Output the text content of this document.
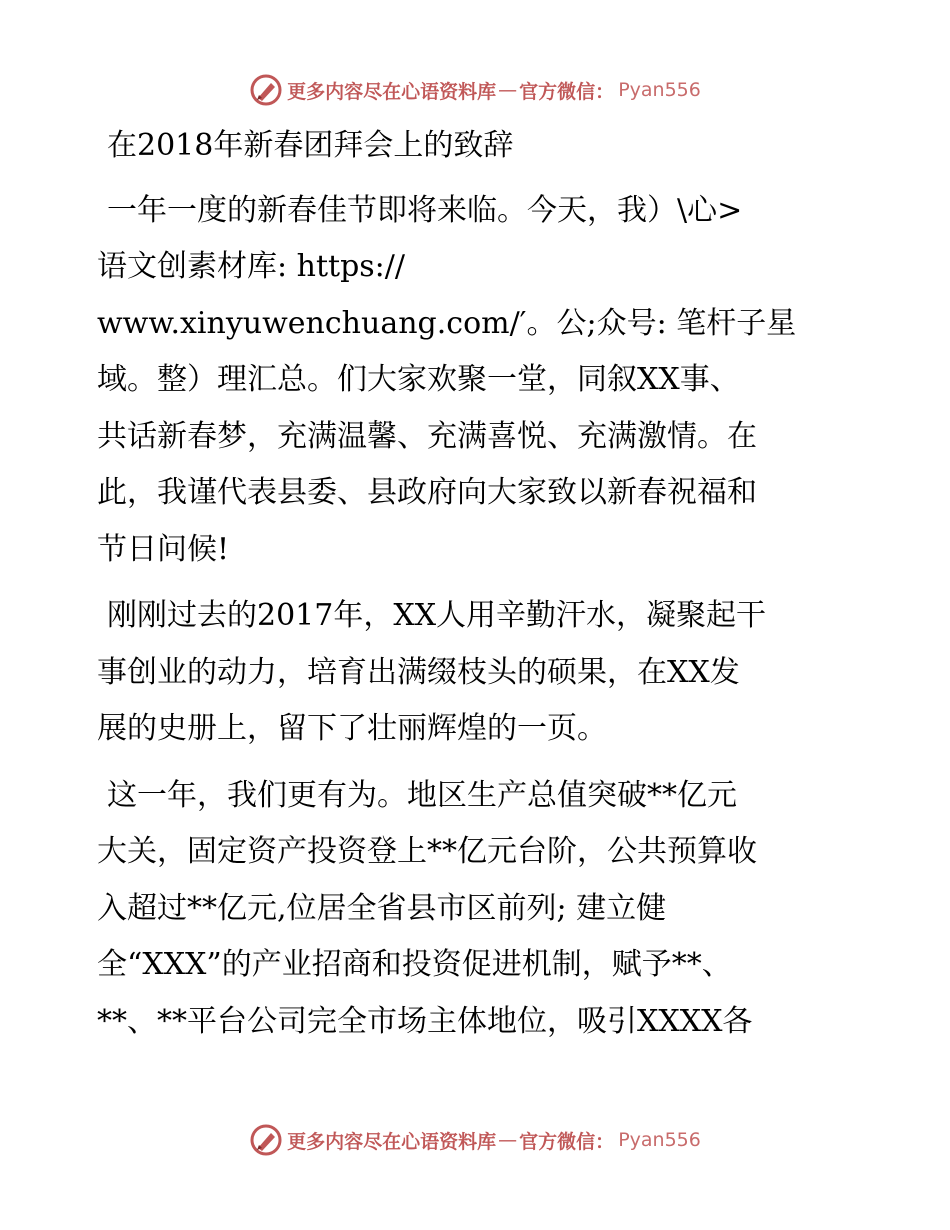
更多内容尽在心语资料库 — 官方微信： Pyan556
在2018年新春团拜会上的致辞
一年一度的新春佳节即将来临。今天，我）\心>
语文创素材库: https://
www.xinyuwenchuang.com/′。公;众号: 笔杆子星
域。整）理汇总。们大家欢聚一堂，同叙XX事、
共话新春梦，充满温馨、充满喜悦、充满激情。在
此，我谨代表县委、县政府向大家致以新春祝福和
节日问候!
刚刚过去的2017年，XX人用辛勤汗水，凝聚起干
事创业的动力，培育出满缀枝头的硕果，在XX发
展的史册上，留下了壮丽辉煌的一页。
这一年，我们更有为。地区生产总值突破**亿元
大关，固定资产投资登上**亿元台阶，公共预算收
入超过**亿元,位居全省县市区前列; 建立健
全“XXX”的产业招商和投资促进机制，赋予**、
**、**平台公司完全市场主体地位，吸引XXXX各
更多内容尽在心语资料库 — 官方微信： Pyan556
